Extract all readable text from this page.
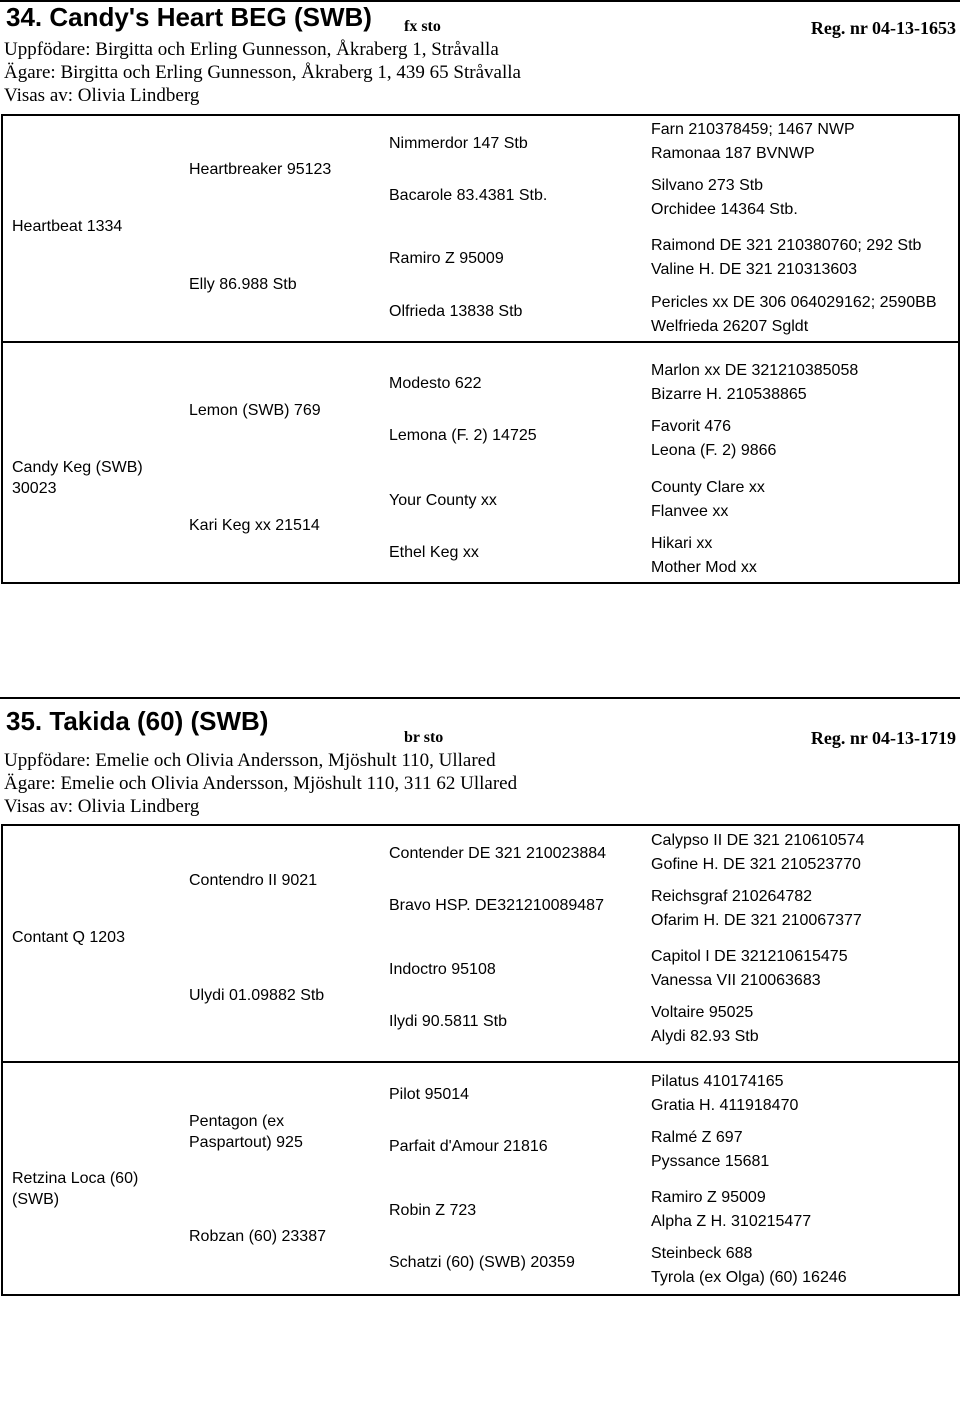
34. Candy's Heart BEG (SWB) fx sto	Reg. nr 04-13-1653
Uppfödare: Birgitta och Erling Gunnesson, Åkraberg 1, Stråvalla
Ägare: Birgitta och Erling Gunnesson, Åkraberg 1, 439 65 Stråvalla
Visas av: Olivia Lindberg
Heartbeat 1334
Candy Keg (SWB) 30023
Heartbreaker 95123
Elly 86.988 Stb
Lemon (SWB) 769
Kari Keg xx 21514
Nimmerdor 147 Stb
Bacarole 83.4381 Stb.
Ramiro Z 95009
Olfrieda 13838 Stb
Modesto 622
Lemona (F. 2) 14725
Your County xx
Ethel Keg xx
Farn 210378459; 1467 NWP
Ramonaa 187 BVNWP
Silvano 273 Stb
Orchidee 14364 Stb.
Raimond DE 321 210380760; 292 Stb
Valine H. DE 321 210313603
Pericles xx DE 306 064029162; 2590BB
Welfrieda 26207 Sgldt
Marlon xx DE 321210385058
Bizarre H. 210538865
Favorit 476
Leona (F. 2) 9866
County Clare xx
Flanvee xx
Hikari xx
Mother Mod xx
35. Takida (60) (SWB)
br sto	Reg. nr 04-13-1719
Uppfödare: Emelie och Olivia Andersson, Mjöshult 110, Ullared
Ägare: Emelie och Olivia Andersson, Mjöshult 110, 311 62 Ullared
Visas av: Olivia Lindberg
Contant Q 1203
Retzina Loca (60) (SWB)
Contendro II 9021
Ulydi 01.09882 Stb
Pentagon (ex Paspartout) 925
Robzan (60) 23387
Contender DE 321 210023884
Bravo HSP. DE321210089487
Indoctro 95108
Ilydi 90.5811 Stb
Pilot 95014
Parfait d'Amour 21816
Robin Z 723
Schatzi (60) (SWB) 20359
Calypso II DE 321 210610574
Gofine H. DE 321 210523770
Reichsgraf 210264782
Ofarim H. DE 321 210067377
Capitol I DE 321210615475
Vanessa VII 210063683
Voltaire 95025
Alydi 82.93 Stb
Pilatus 410174165
Gratia H. 411918470
Ralmé Z 697
Pyssance 15681
Ramiro Z 95009
Alpha Z H. 310215477
Steinbeck 688
Tyrola (ex Olga) (60) 16246
